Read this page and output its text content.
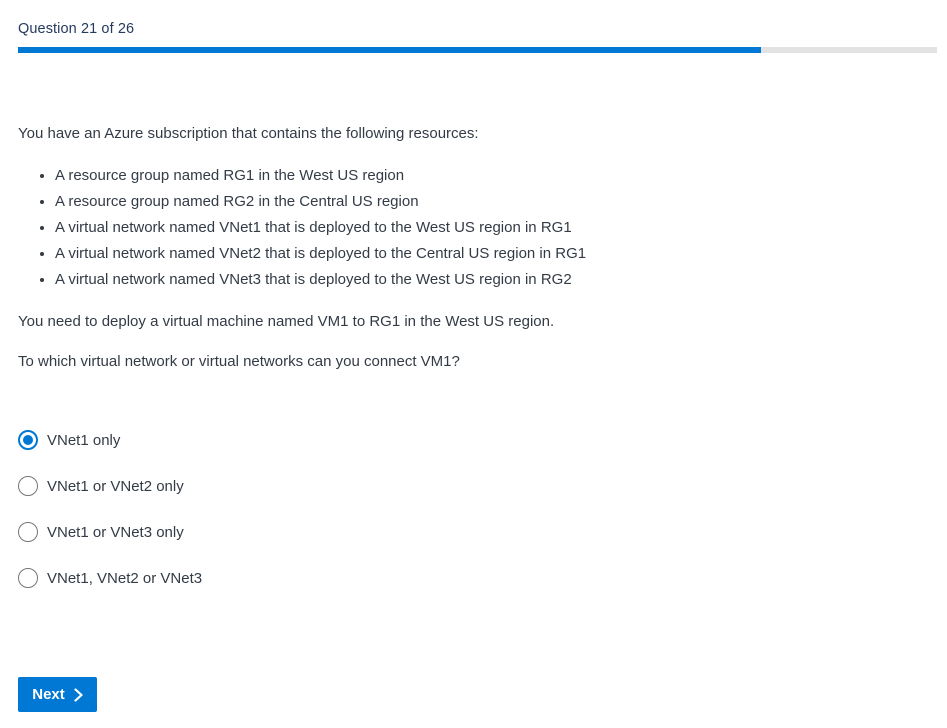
Question 21 of 26

You have an Azure subscription that contains the following resources:

• A resource group named RG1 in the West US region
• A resource group named RG2 in the Central US region
• A virtual network named VNet1 that is deployed to the West US region in RG1
• A virtual network named VNet2 that is deployed to the Central US region in RG1
• A virtual network named VNet3 that is deployed to the West US region in RG2

You need to deploy a virtual machine named VM1 to RG1 in the West US region.

To which virtual network or virtual networks can you connect VM1?

VNet1 only
VNet1 or VNet2 only
VNet1 or VNet3 only
VNet1, VNet2 or VNet3
Next
